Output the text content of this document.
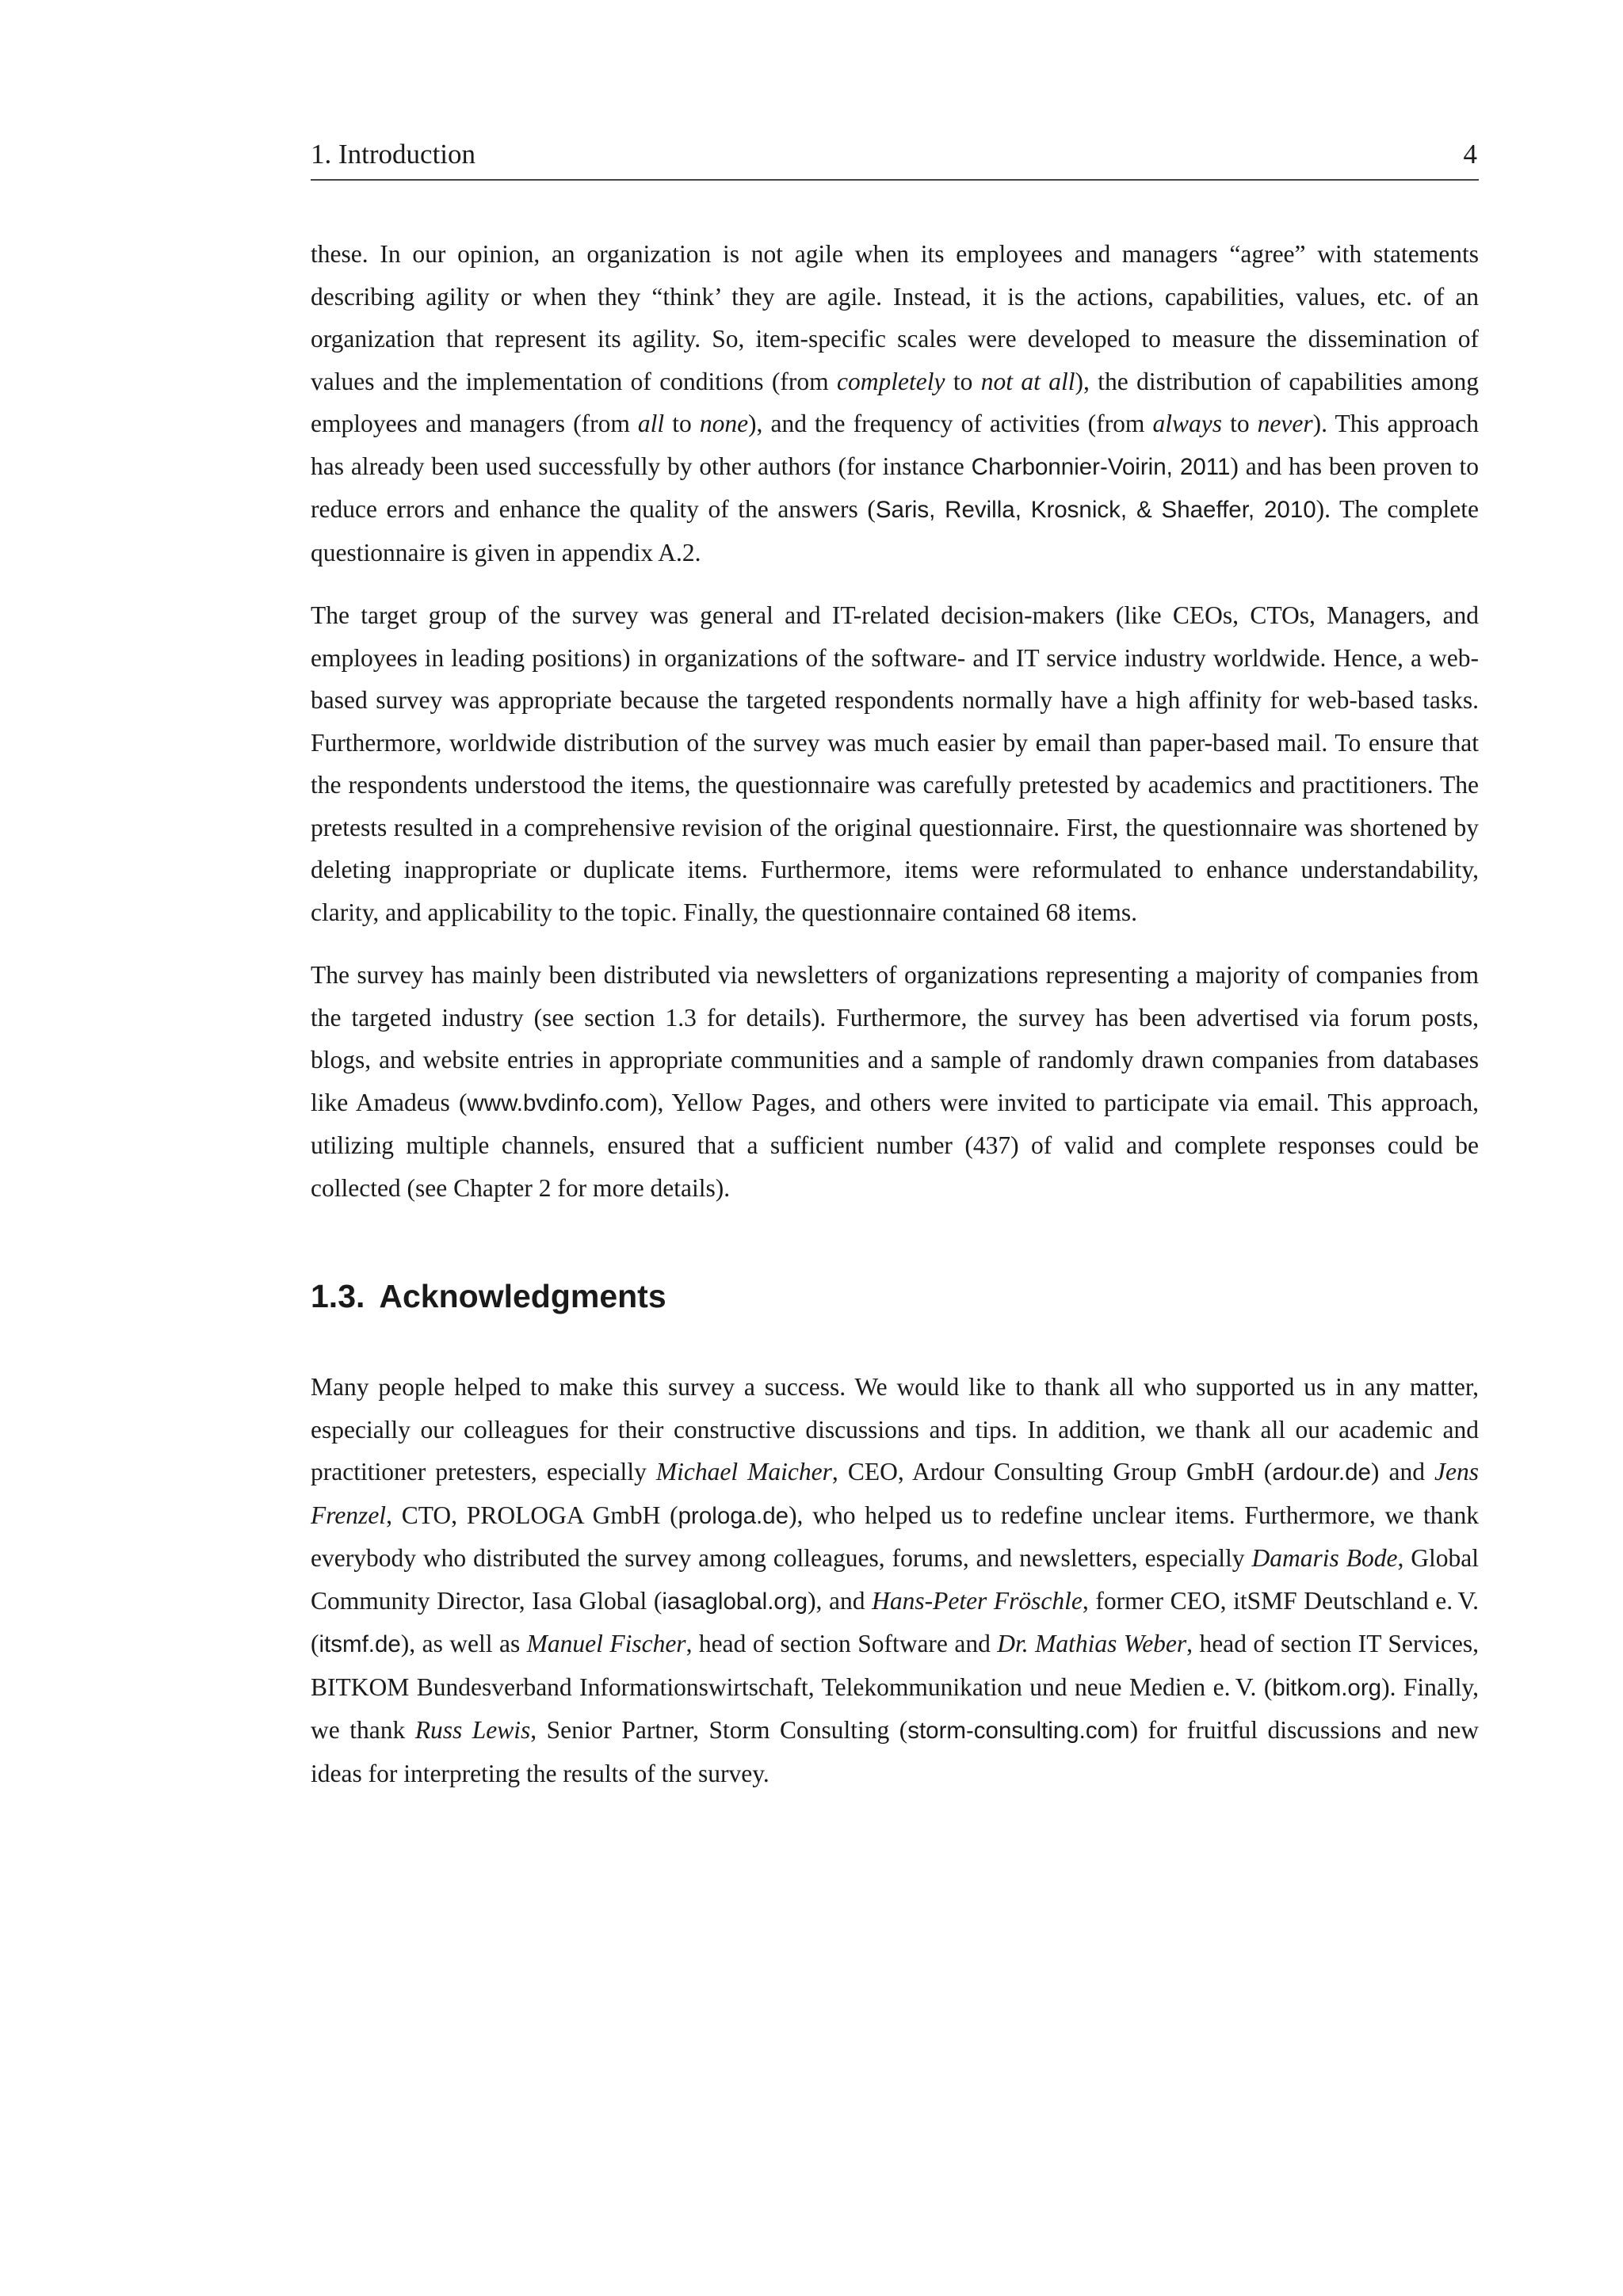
1. Introduction	4

these. In our opinion, an organization is not agile when its employees and managers “agree” with statements describing agility or when they “think’ they are agile. Instead, it is the actions, capabilities, values, etc. of an organization that represent its agility. So, item-specific scales were developed to measure the dissemination of values and the implementation of conditions (from completely to not at all), the distribution of capabilities among employees and managers (from all to none), and the frequency of activities (from always to never). This approach has already been used successfully by other authors (for instance Charbonnier-Voirin, 2011) and has been proven to reduce errors and enhance the quality of the answers (Saris, Revilla, Krosnick, & Shaeffer, 2010). The complete questionnaire is given in appendix A.2.

The target group of the survey was general and IT-related decision-makers (like CEOs, CTOs, Managers, and employees in leading positions) in organizations of the software- and IT service industry worldwide. Hence, a web-based survey was appropriate because the targeted respondents normally have a high affinity for web-based tasks. Furthermore, worldwide distribution of the survey was much easier by email than paper-based mail. To ensure that the respondents understood the items, the questionnaire was carefully pretested by academics and practitioners. The pretests resulted in a comprehensive revision of the original questionnaire. First, the questionnaire was shortened by deleting inappropriate or duplicate items. Furthermore, items were reformulated to enhance understandability, clarity, and applicability to the topic. Finally, the questionnaire contained 68 items.

The survey has mainly been distributed via newsletters of organizations representing a majority of companies from the targeted industry (see section 1.3 for details). Furthermore, the survey has been advertised via forum posts, blogs, and website entries in appropriate communities and a sample of randomly drawn companies from databases like Amadeus (www.bvdinfo.com), Yellow Pages, and others were invited to participate via email. This approach, utilizing multiple channels, ensured that a sufficient number (437) of valid and complete responses could be collected (see Chapter 2 for more details).

1.3. Acknowledgments

Many people helped to make this survey a success. We would like to thank all who supported us in any matter, especially our colleagues for their constructive discussions and tips. In addition, we thank all our academic and practitioner pretesters, especially Michael Maicher, CEO, Ardour Consulting Group GmbH (ardour.de) and Jens Frenzel, CTO, PROLOGA GmbH (prologa.de), who helped us to redefine unclear items. Furthermore, we thank everybody who distributed the survey among colleagues, forums, and newsletters, especially Damaris Bode, Global Community Director, Iasa Global (iasaglobal.org), and Hans-Peter Fröschle, former CEO, itSMF Deutschland e. V. (itsmf.de), as well as Manuel Fischer, head of section Software and Dr. Mathias Weber, head of section IT Services, BITKOM Bundesverband Informationswirtschaft, Telekommunikation und neue Medien e. V. (bitkom.org). Finally, we thank Russ Lewis, Senior Partner, Storm Consulting (storm-consulting.com) for fruitful discussions and new ideas for interpreting the results of the survey.
